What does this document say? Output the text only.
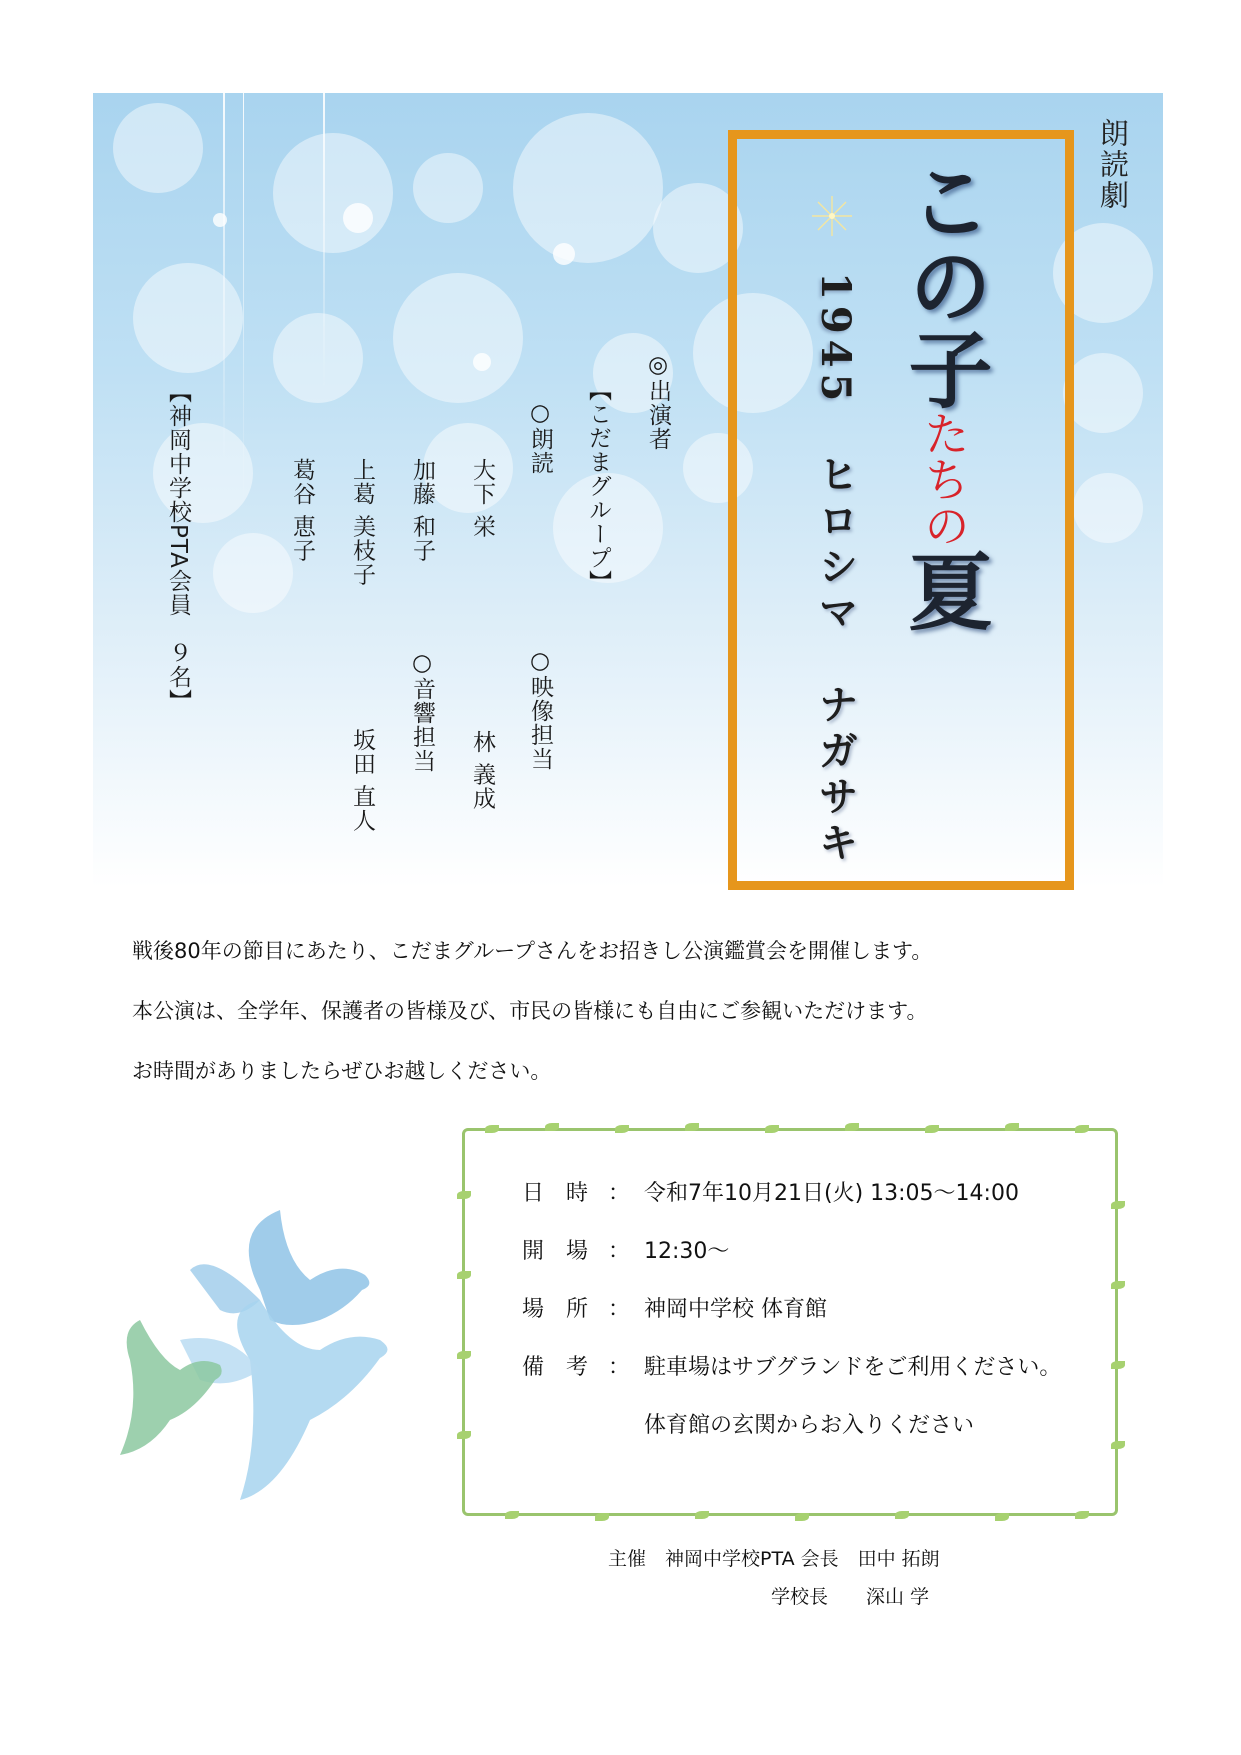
朗読劇
この子たちの夏
1945ヒロシマナガサキ
◎出演者
【こだまグループ】
○朗読
○映像担当
大下 栄
林 義成
加藤 和子
○音響担当
上葛 美枝子
坂田 直人
葛谷 恵子
【神岡中学校PTA会員　９名】
戦後80年の節目にあたり、こだまグループさんをお招きし公演鑑賞会を開催します。
本公演は、全学年、保護者の皆様及び、市民の皆様にも自由にご参観いただけます。
お時間がありましたらぜひお越しください。
日時： 令和7年10月21日(火) 13:05～14:00
開場： 12:30～
場所： 神岡中学校 体育館
備考： 駐車場はサブグランドをご利用ください。
体育館の玄関からお入りください
主催　神岡中学校PTA 会長　田中 拓朗
学校長　　深山 学
